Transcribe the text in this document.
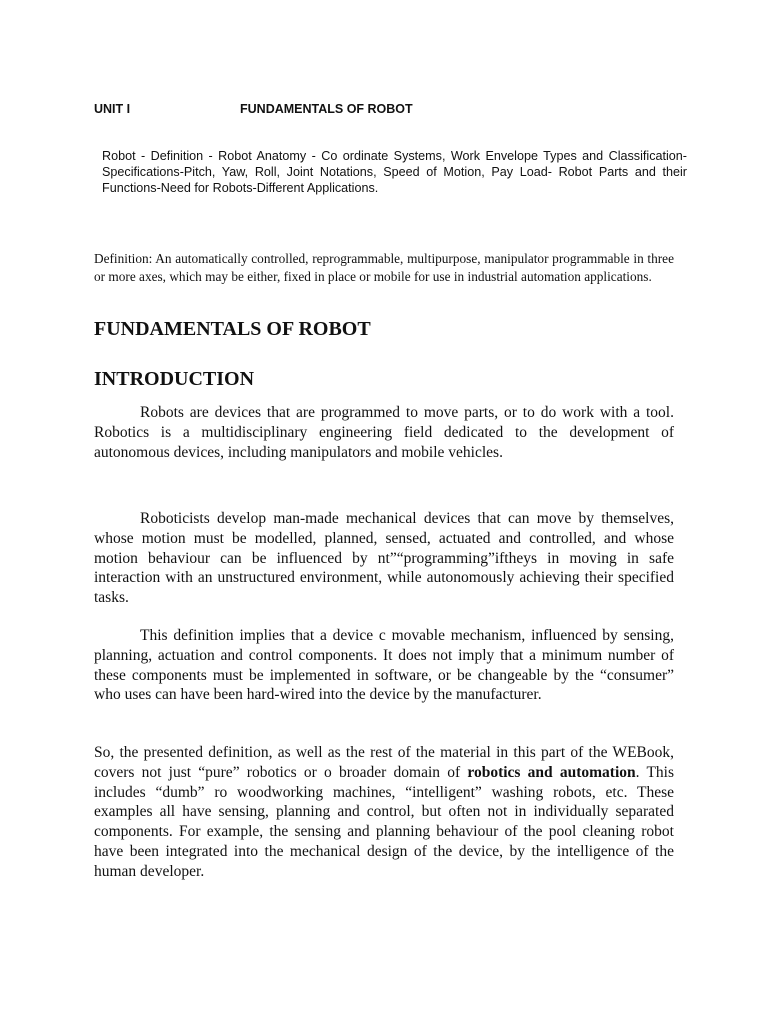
UNIT I	FUNDAMENTALS OF ROBOT
Robot - Definition - Robot Anatomy - Co ordinate Systems, Work Envelope Types and Classification- Specifications-Pitch, Yaw, Roll, Joint Notations, Speed of Motion, Pay Load- Robot Parts and their Functions-Need for Robots-Different Applications.
Definition: An automatically controlled, reprogrammable, multipurpose, manipulator programmable in three or more axes, which may be either, fixed in place or mobile for use in industrial automation applications.
FUNDAMENTALS OF ROBOT
INTRODUCTION
Robots are devices that are programmed to move parts, or to do work with a tool. Robotics is a multidisciplinary engineering field dedicated to the development of autonomous devices, including manipulators and mobile vehicles.
Roboticists develop man-made mechanical devices that can move by themselves, whose motion must be modelled, planned, sensed, actuated and controlled, and whose motion behaviour can be influenced by nt”“programming”iftheys in moving in safe interaction with an unstructured environment, while autonomously achieving their specified tasks.
This definition implies that a device c movable mechanism, influenced by sensing, planning, actuation and control components. It does not imply that a minimum number of these components must be implemented in software, or be changeable by the “consumer” who uses can have been hard-wired into the device by the manufacturer.
So, the presented definition, as well as the rest of the material in this part of the WEBook, covers not just “pure” robotics or o broader domain of robotics and automation. This includes “dumb” ro woodworking machines, “intelligent” washing robots, etc. These examples all have sensing, planning and control, but often not in individually separated components. For example, the sensing and planning behaviour of the pool cleaning robot have been integrated into the mechanical design of the device, by the intelligence of the human developer.
